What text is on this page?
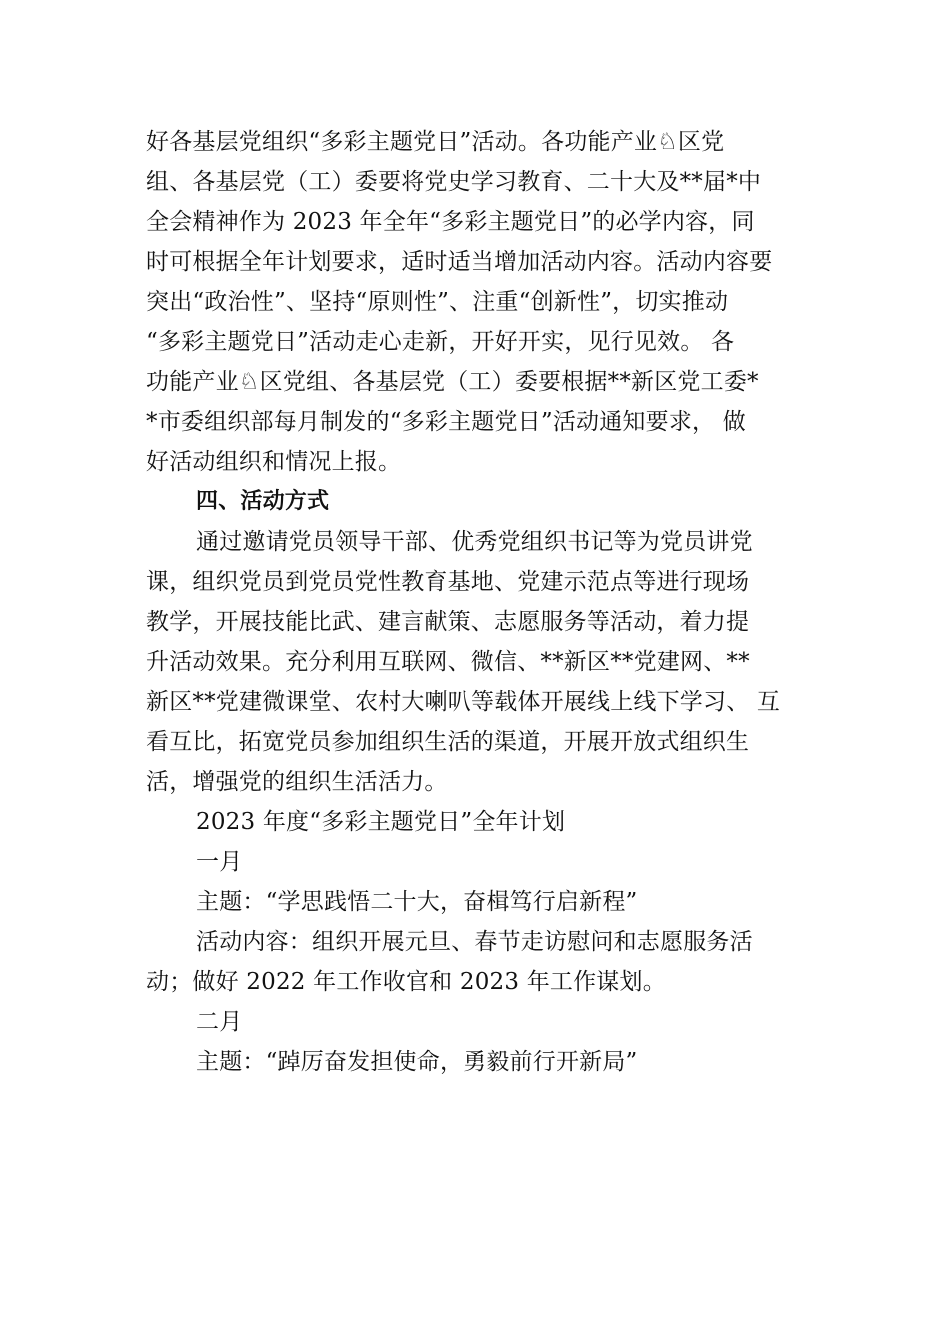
好各基层党组织“多彩主题党日”活动。各功能产业♘区党
组、各基层党（工）委要将党史学习教育、二十大及**届*中
全会精神作为 2023 年全年“多彩主题党日”的必学内容，同
时可根据全年计划要求，适时适当增加活动内容。活动内容要
突出“政治性”、坚持“原则性”、注重“创新性”，切实推动
“多彩主题党日”活动走心走新，开好开实，见行见效。 各
功能产业♘区党组、各基层党（工）委要根据**新区党工委*
*市委组织部每月制发的“多彩主题党日”活动通知要求， 做
好活动组织和情况上报。
四、活动方式
通过邀请党员领导干部、优秀党组织书记等为党员讲党
课，组织党员到党员党性教育基地、党建示范点等进行现场
教学，开展技能比武、建言献策、志愿服务等活动，着力提
升活动效果。充分利用互联网、微信、**新区**党建网、**
新区**党建微课堂、农村大喇叭等载体开展线上线下学习、 互
看互比，拓宽党员参加组织生活的渠道，开展开放式组织生
活，增强党的组织生活活力。
2023 年度“多彩主题党日”全年计划
一月
主题：“学思践悟二十大，奋楫笃行启新程”
活动内容：组织开展元旦、春节走访慰问和志愿服务活
动；做好 2022 年工作收官和 2023 年工作谋划。
二月
主题：“踔厉奋发担使命，勇毅前行开新局”
